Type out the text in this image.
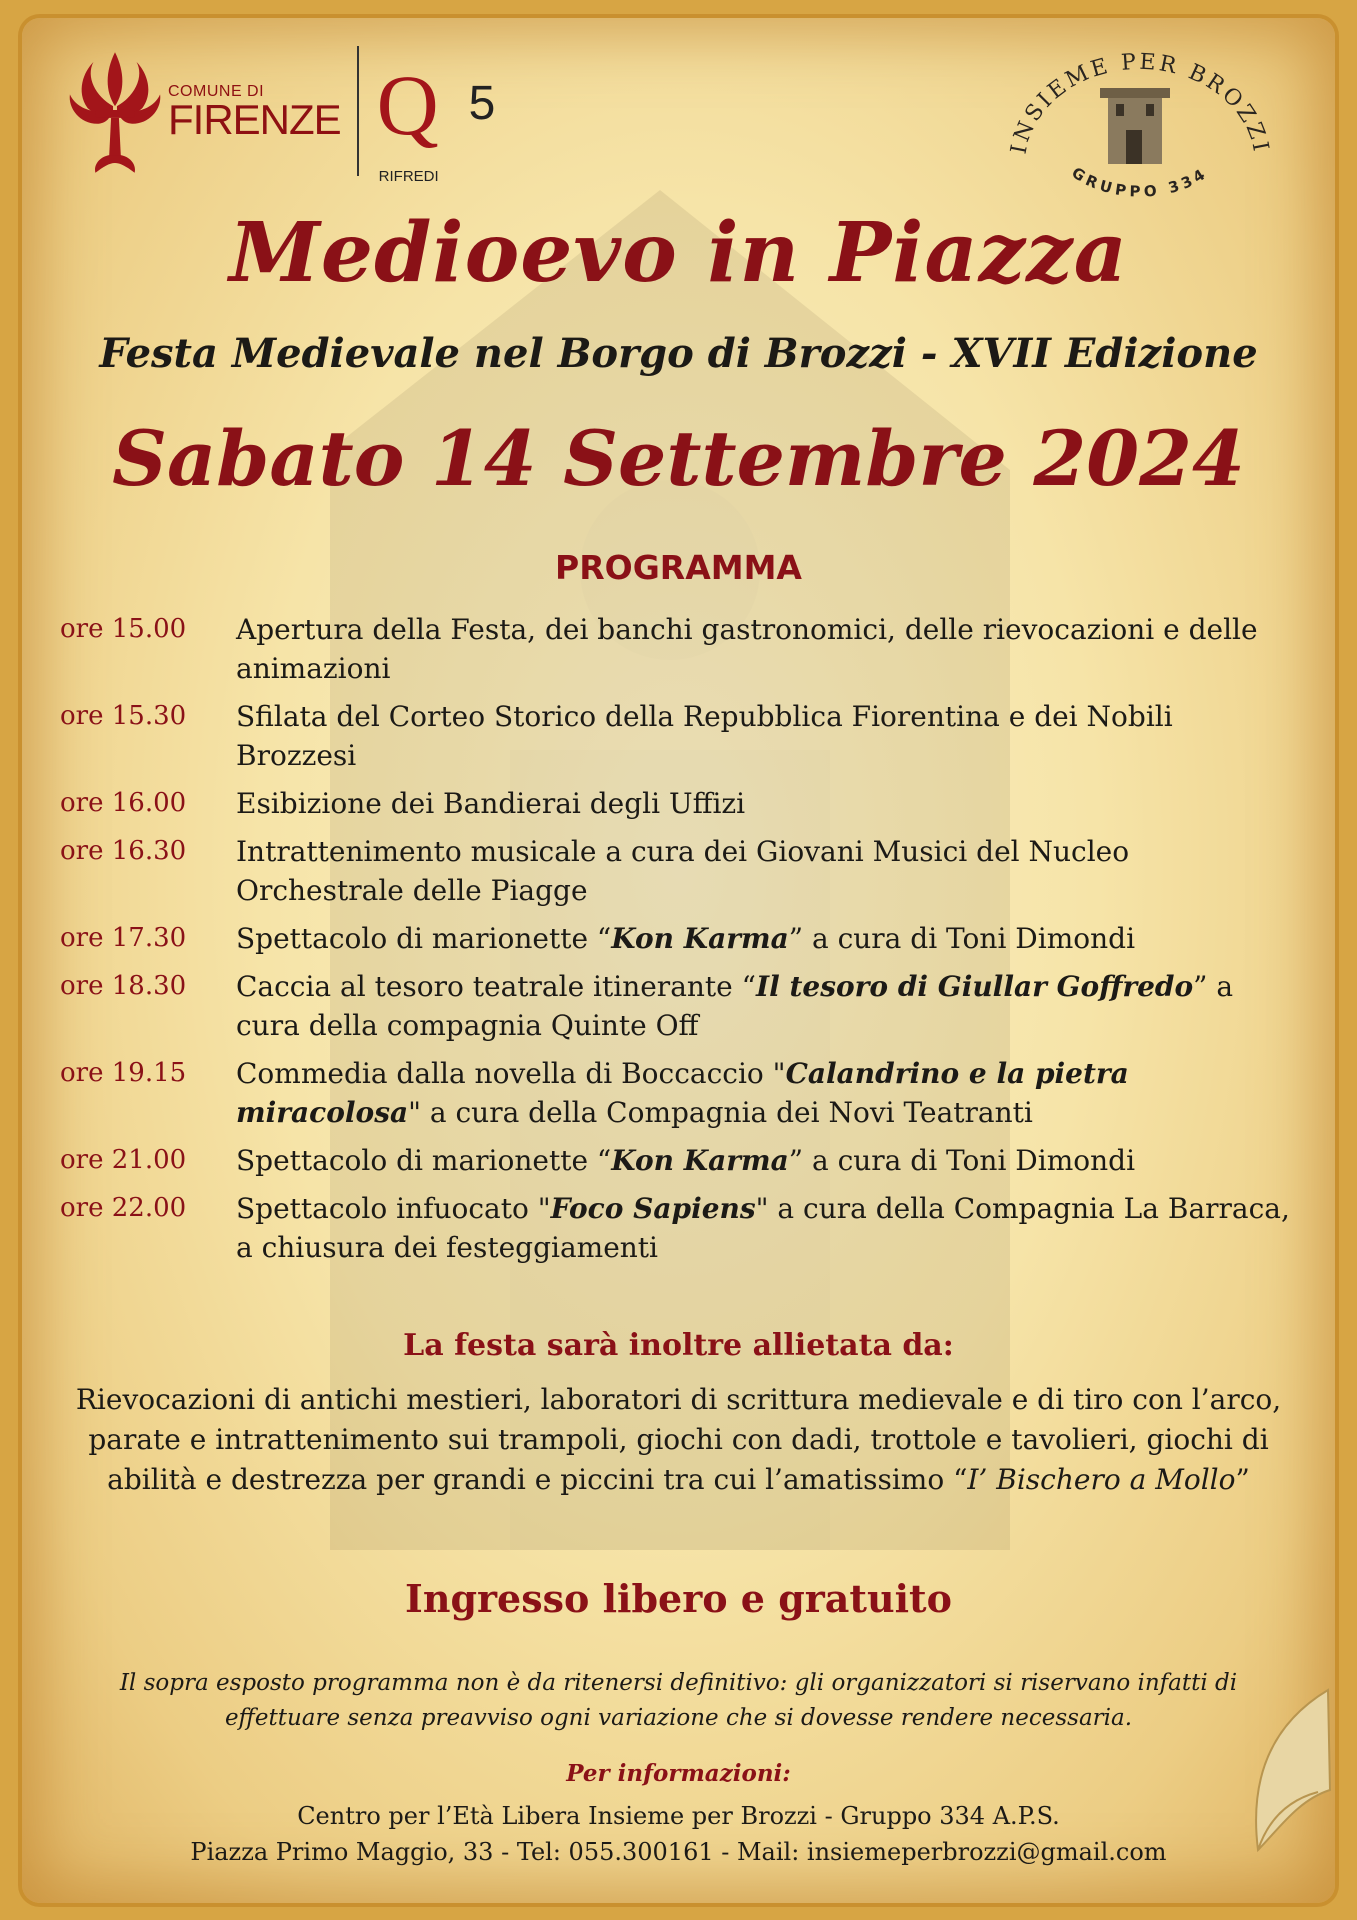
COMUNE DI
FIRENZE Q 5
RIFREDI
INSIEME PER BROZZI
GRUPPO 334
Medioevo in Piazza
Festa Medievale nel Borgo di Brozzi - XVII Edizione
Sabato 14 Settembre 2024
PROGRAMMA
ore 15.00	Apertura della Festa, dei banchi gastronomici, delle rievocazioni e delle animazioni
ore 15.30	Sfilata del Corteo Storico della Repubblica Fiorentina e dei Nobili Brozzesi
ore 16.00	Esibizione dei Bandierai degli Uffizi
ore 16.30	Intrattenimento musicale a cura dei Giovani Musici del Nucleo Orchestrale delle Piagge
ore 17.30	Spettacolo di marionette “Kon Karma” a cura di Toni Dimondi
ore 18.30	Caccia al tesoro teatrale itinerante “Il tesoro di Giullar Goffredo” a cura della compagnia Quinte Off
ore 19.15	Commedia dalla novella di Boccaccio "Calandrino e la pietra miracolosa" a cura della Compagnia dei Novi Teatranti
ore 21.00	Spettacolo di marionette “Kon Karma” a cura di Toni Dimondi
ore 22.00	Spettacolo infuocato "Foco Sapiens" a cura della Compagnia La Barraca, a chiusura dei festeggiamenti
La festa sarà inoltre allietata da:
Rievocazioni di antichi mestieri, laboratori di scrittura medievale e di tiro con l’arco, parate e intrattenimento sui trampoli, giochi con dadi, trottole e tavolieri, giochi di abilità e destrezza per grandi e piccini tra cui l’amatissimo “I’ Bischero a Mollo”
Ingresso libero e gratuito
Il sopra esposto programma non è da ritenersi definitivo: gli organizzatori si riservano infatti di effettuare senza preavviso ogni variazione che si dovesse rendere necessaria.
Per informazioni:
Centro per l’Età Libera Insieme per Brozzi - Gruppo 334 A.P.S.
Piazza Primo Maggio, 33 - Tel: 055.300161 - Mail: insiemeperbrozzi@gmail.com
